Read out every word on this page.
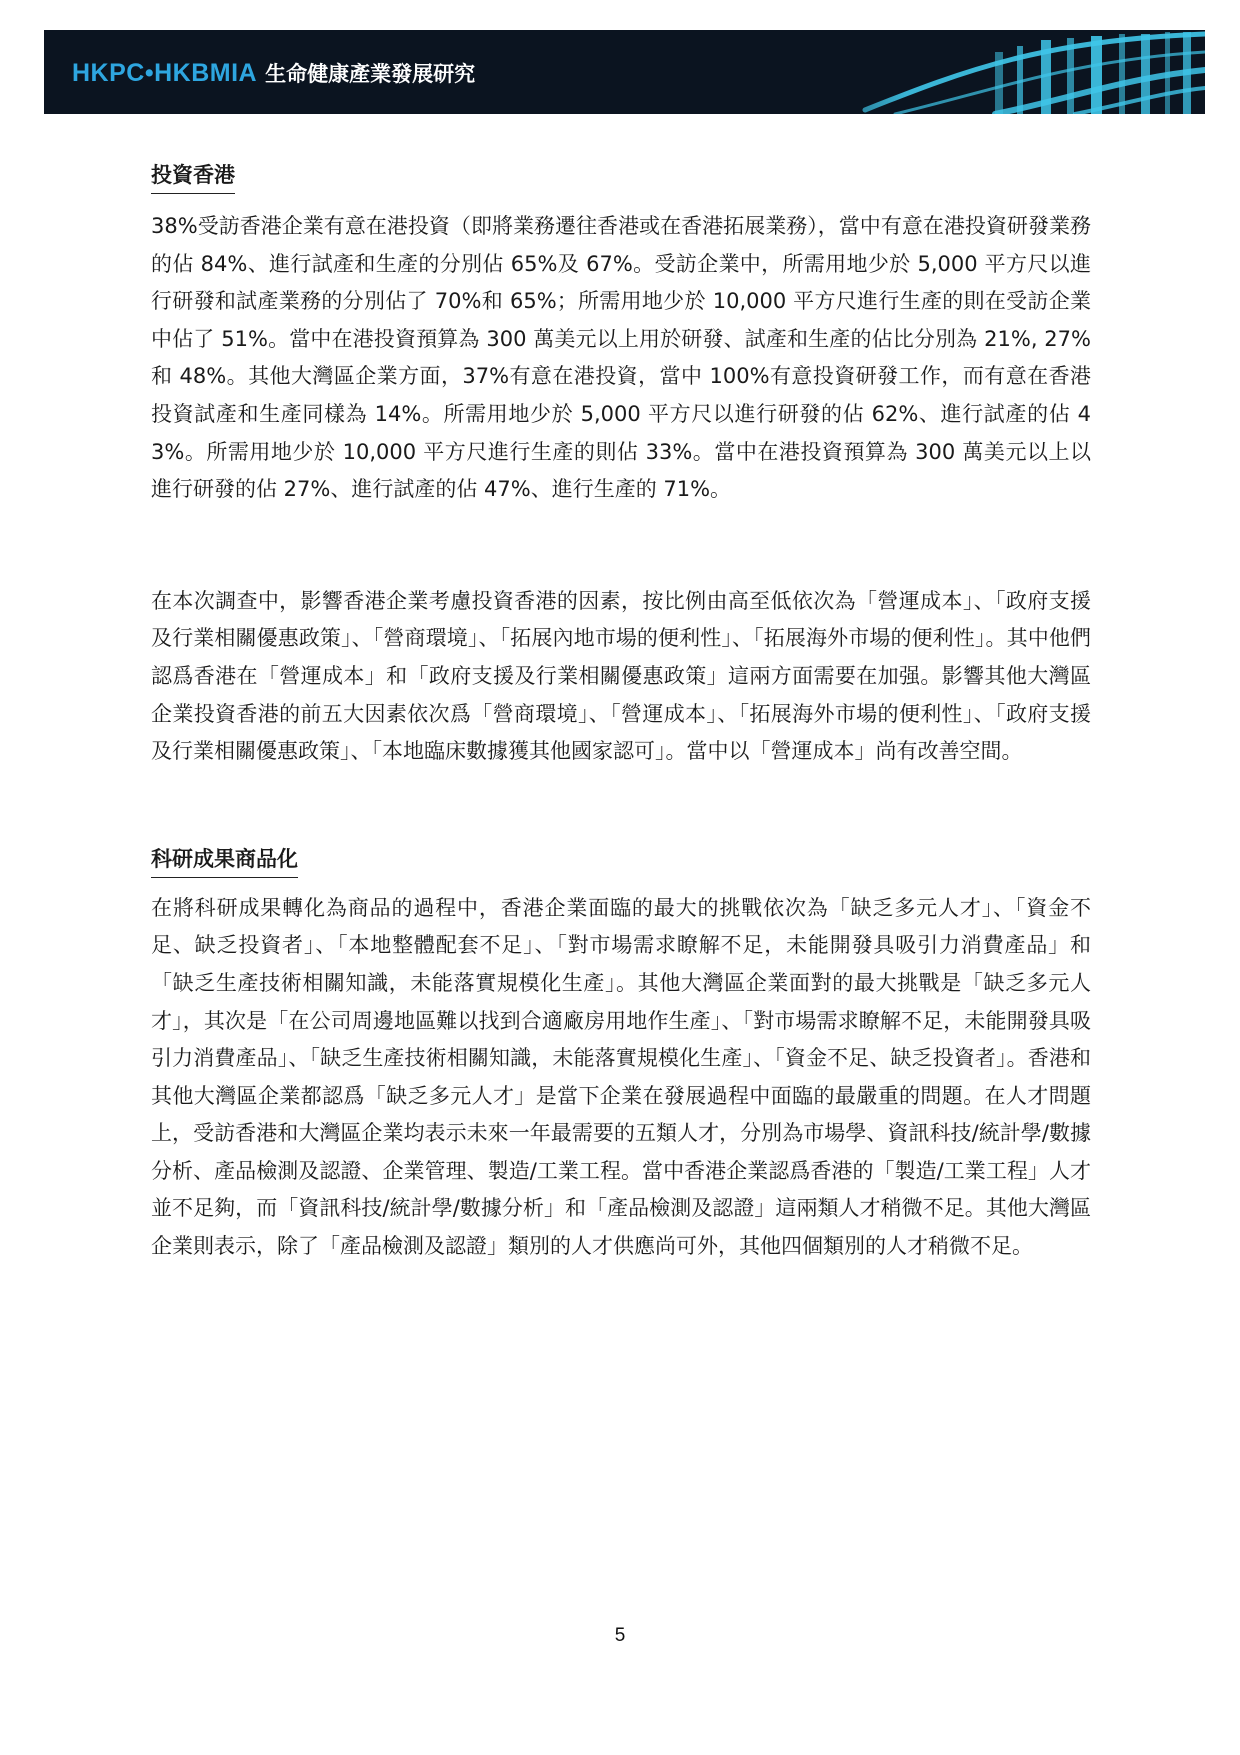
HKPC•HKBMIA 生命健康產業發展研究
投資香港

38%受訪香港企業有意在港投資（即將業務遷往香港或在香港拓展業務），當中有意在港投資研發業務的佔 84%、進行試產和生產的分別佔 65%及 67%。受訪企業中，所需用地少於 5,000 平方尺以進行研發和試產業務的分別佔了 70%和 65%；所需用地少於 10,000 平方尺進行生產的則在受訪企業中佔了 51%。當中在港投資預算為 300 萬美元以上用於研發、試產和生產的佔比分別為 21%, 27%和 48%。其他大灣區企業方面，37%有意在港投資，當中 100%有意投資研發工作，而有意在香港投資試產和生產同樣為 14%。所需用地少於 5,000 平方尺以進行研發的佔 62%、進行試產的佔 43%。所需用地少於 10,000 平方尺進行生產的則佔 33%。當中在港投資預算為 300 萬美元以上以進行研發的佔 27%、進行試產的佔 47%、進行生產的 71%。

在本次調查中，影響香港企業考慮投資香港的因素，按比例由高至低依次為「營運成本」、「政府支援及行業相關優惠政策」、「營商環境」、「拓展內地市場的便利性」、「拓展海外市場的便利性」。其中他們認爲香港在「營運成本」和「政府支援及行業相關優惠政策」這兩方面需要在加强。影響其他大灣區企業投資香港的前五大因素依次爲「營商環境」、「營運成本」、「拓展海外市場的便利性」、「政府支援及行業相關優惠政策」、「本地臨床數據獲其他國家認可」。當中以「營運成本」尚有改善空間。

科研成果商品化

在將科研成果轉化為商品的過程中，香港企業面臨的最大的挑戰依次為「缺乏多元人才」、「資金不足、缺乏投資者」、「本地整體配套不足」、「對市場需求瞭解不足，未能開發具吸引力消費產品」和「缺乏生產技術相關知識，未能落實規模化生產」。其他大灣區企業面對的最大挑戰是「缺乏多元人才」，其次是「在公司周邊地區難以找到合適廠房用地作生產」、「對市場需求瞭解不足，未能開發具吸引力消費產品」、「缺乏生產技術相關知識，未能落實規模化生產」、「資金不足、缺乏投資者」。香港和其他大灣區企業都認爲「缺乏多元人才」是當下企業在發展過程中面臨的最嚴重的問題。在人才問題上，受訪香港和大灣區企業均表示未來一年最需要的五類人才，分別為市場學、資訊科技/統計學/數據分析、產品檢測及認證、企業管理、製造/工業工程。當中香港企業認爲香港的「製造/工業工程」人才並不足夠，而「資訊科技/統計學/數據分析」和「產品檢測及認證」這兩類人才稍微不足。其他大灣區企業則表示，除了「產品檢測及認證」類別的人才供應尚可外，其他四個類別的人才稍微不足。

5
